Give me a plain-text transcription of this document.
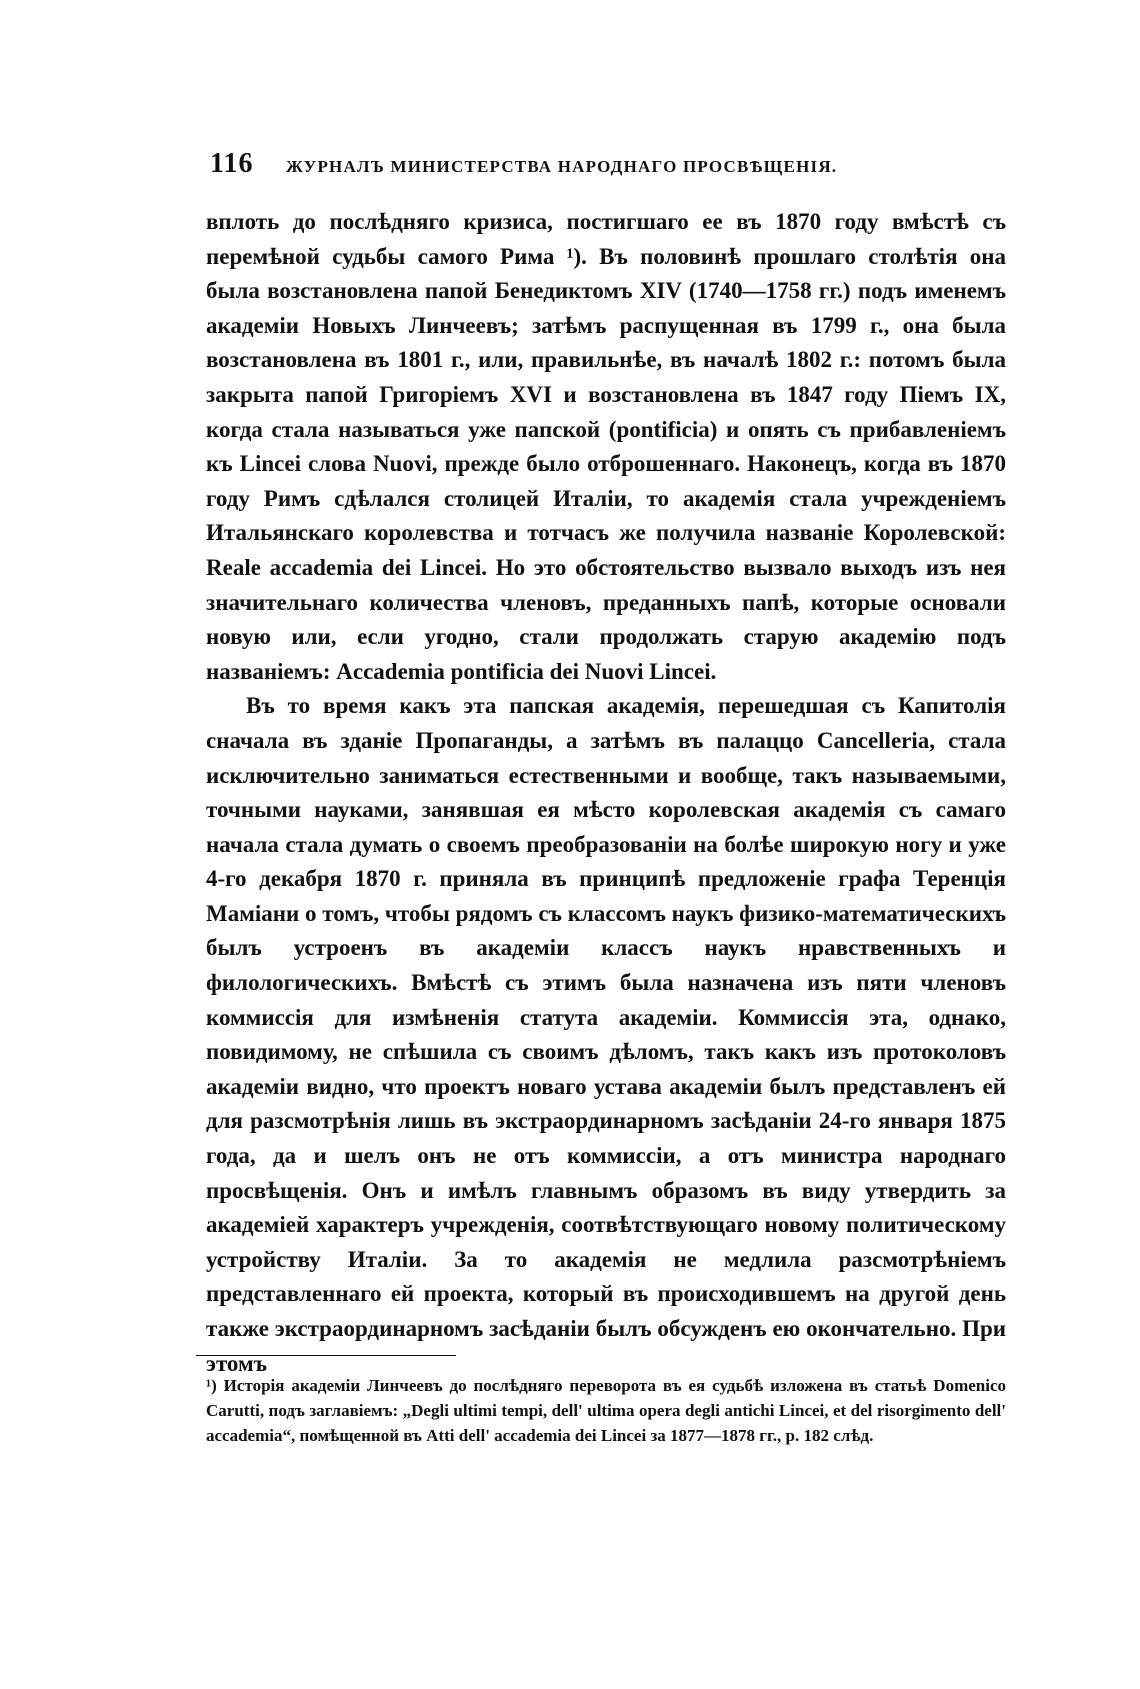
116	ЖУРНАЛЪ МИНИСТЕРСТВА НАРОДНАГО ПРОСВѢЩЕНІЯ.

вплоть до послѣдняго кризиса, постигшаго ее въ 1870 году вмѣстѣ съ перемѣной судьбы самого Рима ¹). Въ половинѣ прошлаго столѣтія она была возстановлена папой Бенедиктомъ XIV (1740—1758 гг.) подъ именемъ академіи Новыхъ Линчеевъ; затѣмъ распущенная въ 1799 г., она была возстановлена въ 1801 г., или, правильнѣе, въ началѣ 1802 г.: потомъ была закрыта папой Григоріемъ XVI и возстановлена въ 1847 году Піемъ IX, когда стала называться уже папской (pontificia) и опять съ прибавленіемъ къ Lincei слова Nuovi, прежде было отброшеннаго. Наконецъ, когда въ 1870 году Римъ сдѣлался столицей Италіи, то академія стала учрежденіемъ Итальянскаго королевства и тотчасъ же получила названіе Королевской: Reale accademia dei Lincei. Но это обстоятельство вызвало выходъ изъ нея значительнаго количества членовъ, преданныхъ папѣ, которые основали новую или, если угодно, стали продолжать старую академію подъ названіемъ: Accademia pontificia dei Nuovi Lincei.

Въ то время какъ эта папская академія, перешедшая съ Капитолія сначала въ зданіе Пропаганды, а затѣмъ въ палаццо Cancelleria, стала исключительно заниматься естественными и вообще, такъ называемыми, точными науками, занявшая ея мѣсто королевская академія съ самаго начала стала думать о своемъ преобразованіи на болѣе широкую ногу и уже 4-го декабря 1870 г. приняла въ принципѣ предложеніе графа Теренція Маміани о томъ, чтобы рядомъ съ классомъ наукъ физико-математическихъ былъ устроенъ въ академіи классъ наукъ нравственныхъ и филологическихъ. Вмѣстѣ съ этимъ была назначена изъ пяти членовъ коммиссія для измѣненія статута академіи. Коммиссія эта, однако, повидимому, не спѣшила съ своимъ дѣломъ, такъ какъ изъ протоколовъ академіи видно, что проектъ новаго устава академіи былъ представленъ ей для разсмотрѣнія лишь въ экстраординарномъ засѣданіи 24-го января 1875 года, да и шелъ онъ не отъ коммиссіи, а отъ министра народнаго просвѣщенія. Онъ и имѣлъ главнымъ образомъ въ виду утвердить за академіей характеръ учрежденія, соотвѣтствующаго новому политическому устройству Италіи. За то академія не медлила разсмотрѣніемъ представленнаго ей проекта, который въ происходившемъ на другой день также экстраординарномъ засѣданіи былъ обсужденъ ею окончательно. При этомъ

¹) Исторія академіи Линчеевъ до послѣдняго переворота въ ея судьбѣ изложена въ статьѣ Domenico Carutti, подъ заглавіемъ: „Degli ultimi tempi, dell' ultima opera degli antichi Lincei, et del risorgimento dell' accademia“, помѣщенной въ Atti dell' accademia dei Lincei за 1877—1878 гг., р. 182 слѣд.
